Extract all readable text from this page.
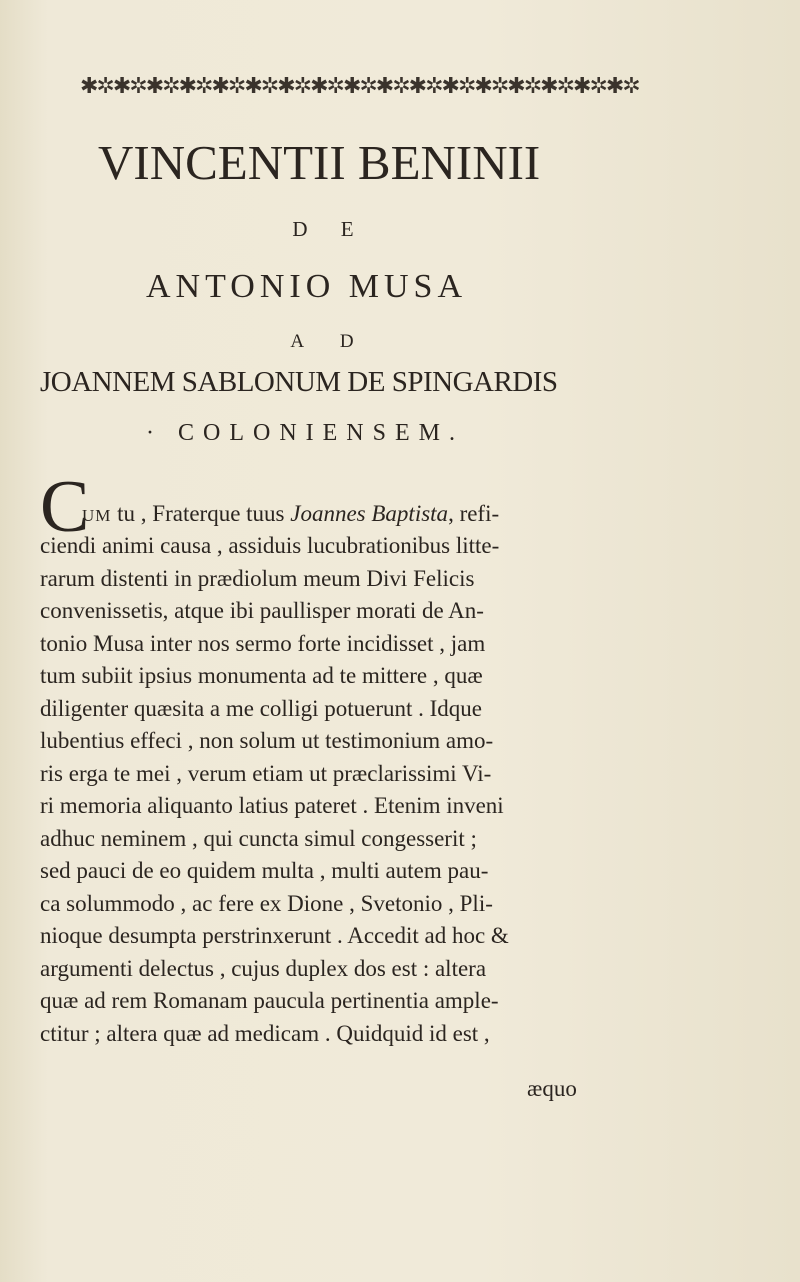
✱✲✱✲✱✲✱✲✱✲✱✲✱✲✱✲✱✲✱✲✱✲✱✲✱✲✱✲✱✲✱✲✱✲
VINCENTII BENINII
D E
ANTONIO MUSA
A D
JOANNEM SABLONUM DE SPINGARDIS
· COLONIENSEM.
C
UM tu , Fraterque tuus Joannes Baptista, refi-
ciendi animi causa , assiduis lucubrationibus litte-
rarum distenti in prædiolum meum Divi Felicis
convenissetis, atque ibi paullisper morati de An-
tonio Musa inter nos sermo forte incidisset , jam
tum subiit ipsius monumenta ad te mittere , quæ
diligenter quæsita a me colligi potuerunt . Idque
lubentius effeci , non solum ut testimonium amo-
ris erga te mei , verum etiam ut præclarissimi Vi-
ri memoria aliquanto latius pateret . Etenim inveni
adhuc neminem , qui cuncta simul congesserit ;
sed pauci de eo quidem multa , multi autem pau-
ca solummodo , ac fere ex Dione , Svetonio , Pli-
nioque desumpta perstrinxerunt . Accedit ad hoc &
argumenti delectus , cujus duplex dos est : altera
quæ ad rem Romanam paucula pertinentia ample-
ctitur ; altera quæ ad medicam . Quidquid id est ,
æquo
